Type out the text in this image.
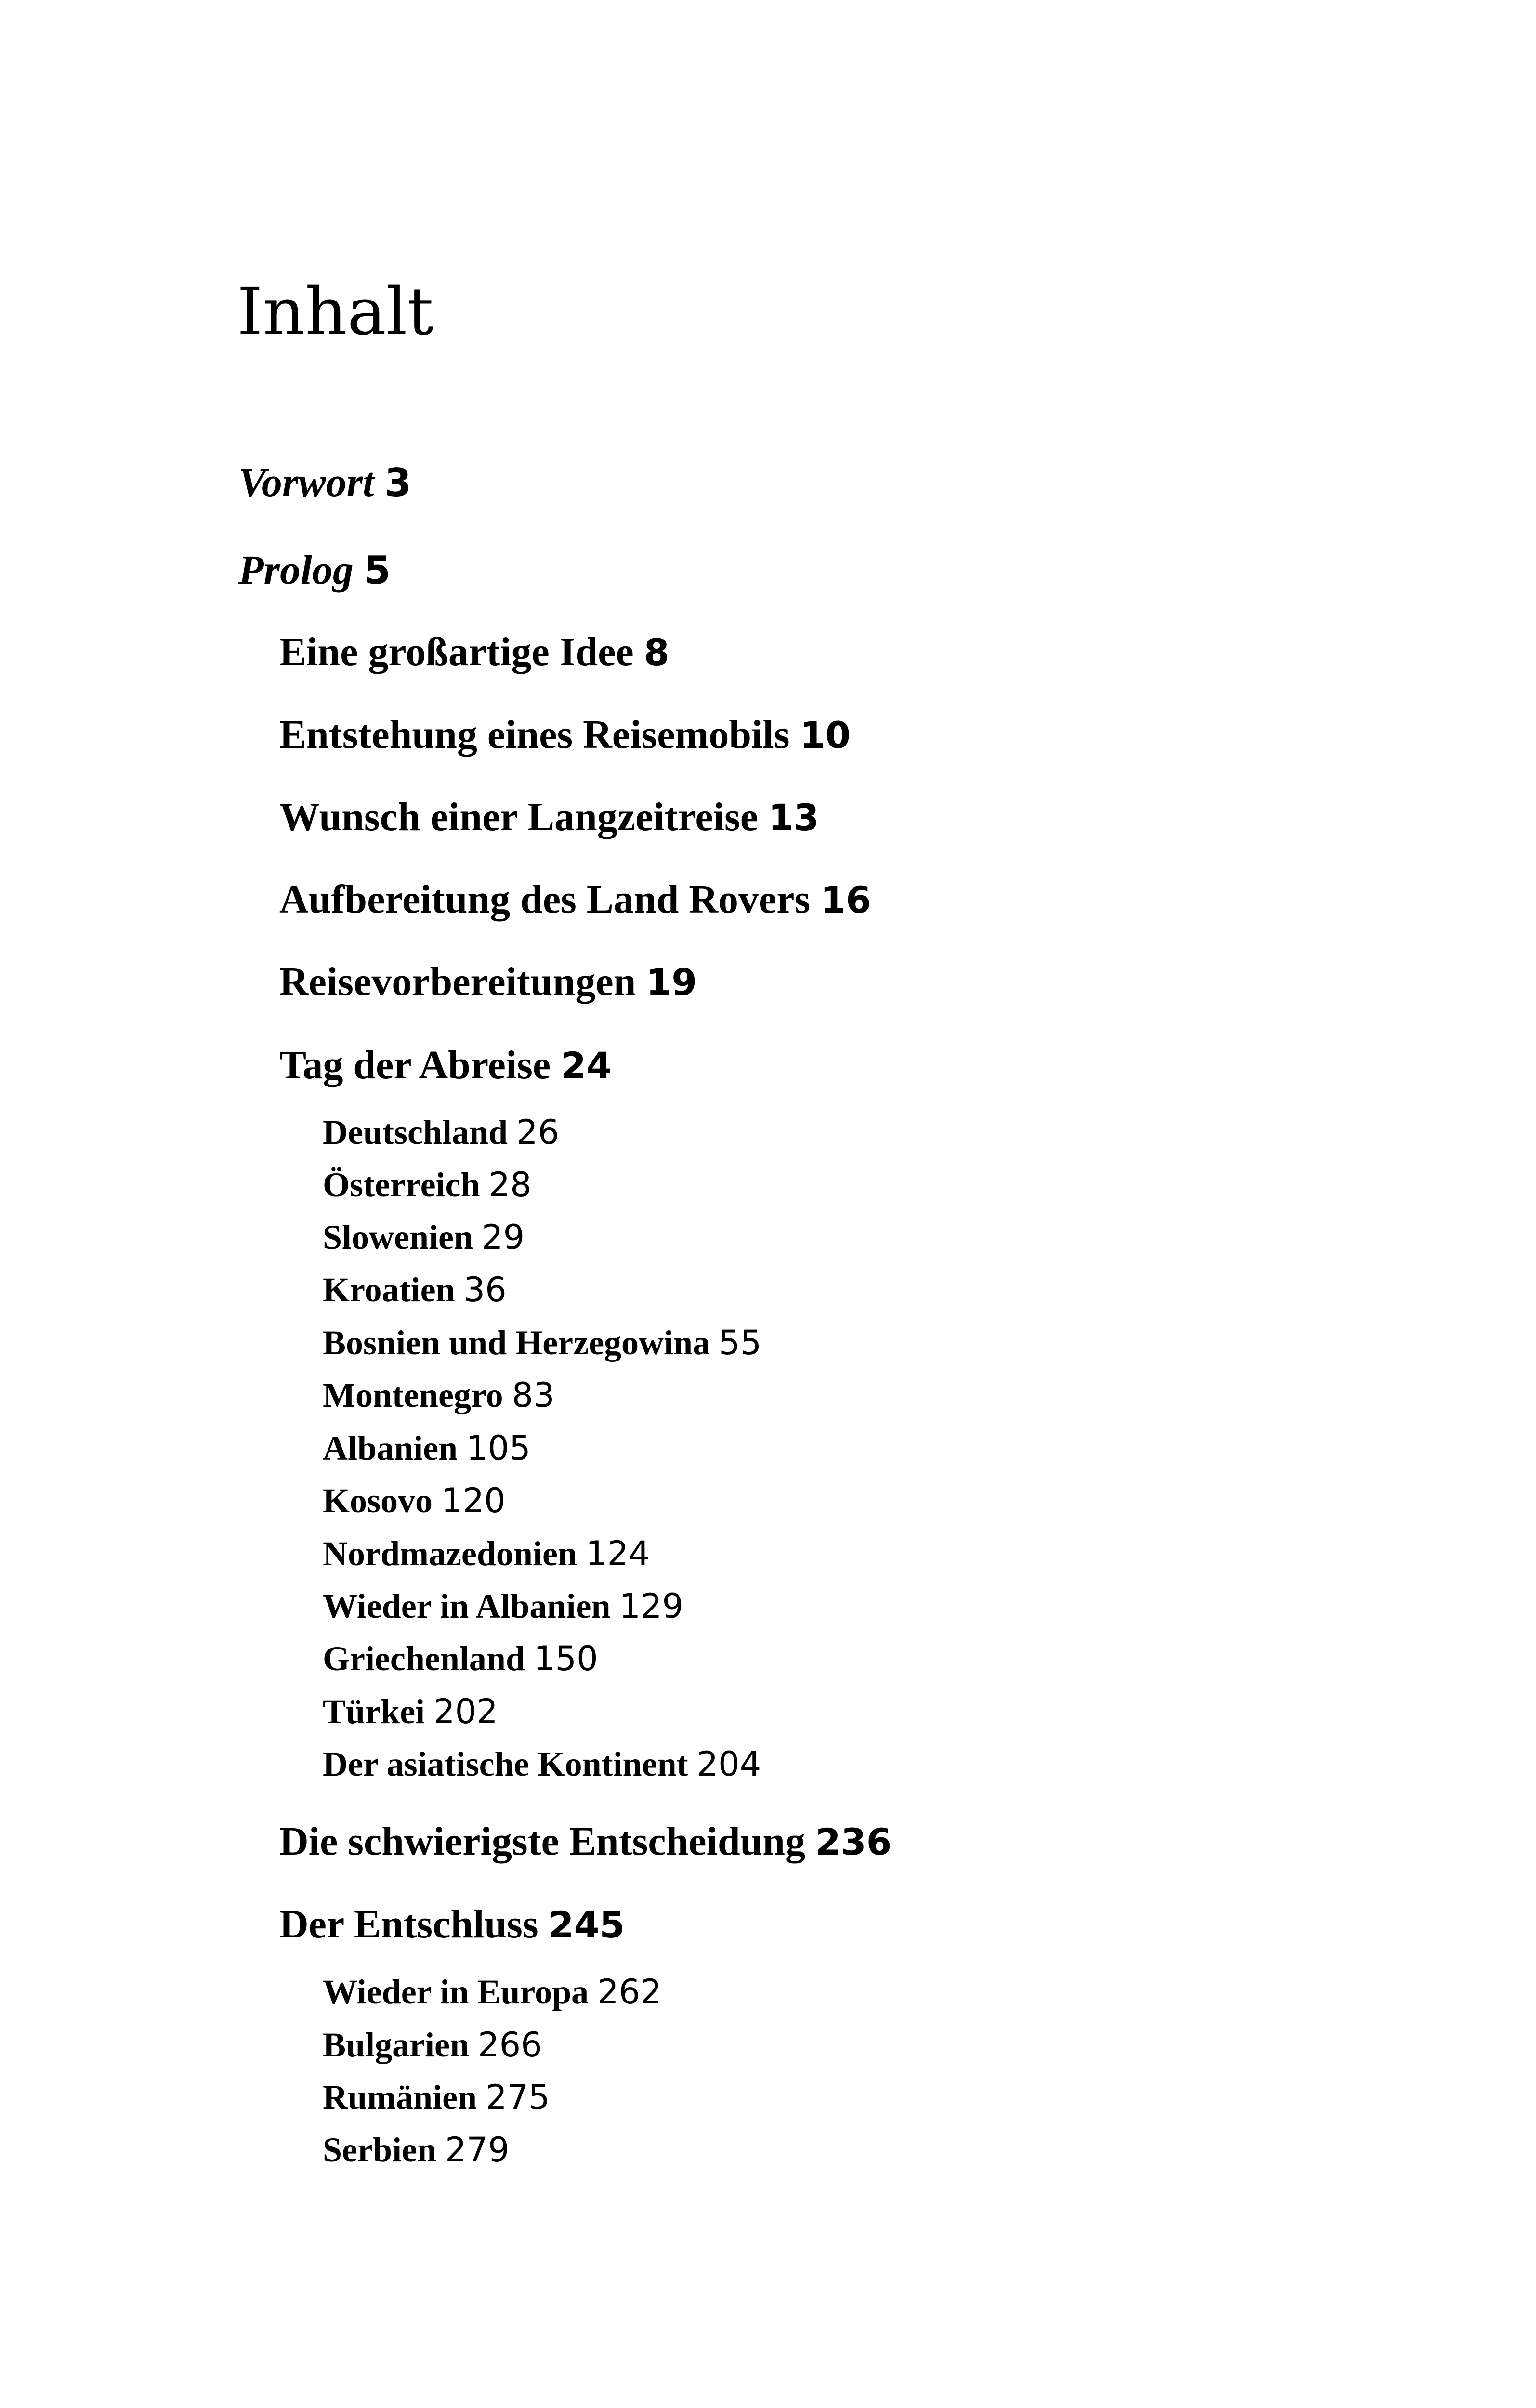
Inhalt
Vorwort 3
Prolog 5
Eine großartige Idee 8
Entstehung eines Reisemobils 10
Wunsch einer Langzeitreise 13
Aufbereitung des Land Rovers 16
Reisevorbereitungen 19
Tag der Abreise 24
Deutschland 26
Österreich 28
Slowenien 29
Kroatien 36
Bosnien und Herzegowina 55
Montenegro 83
Albanien 105
Kosovo 120
Nordmazedonien 124
Wieder in Albanien 129
Griechenland 150
Türkei 202
Der asiatische Kontinent 204
Die schwierigste Entscheidung 236
Der Entschluss 245
Wieder in Europa 262
Bulgarien 266
Rumänien 275
Serbien 279
